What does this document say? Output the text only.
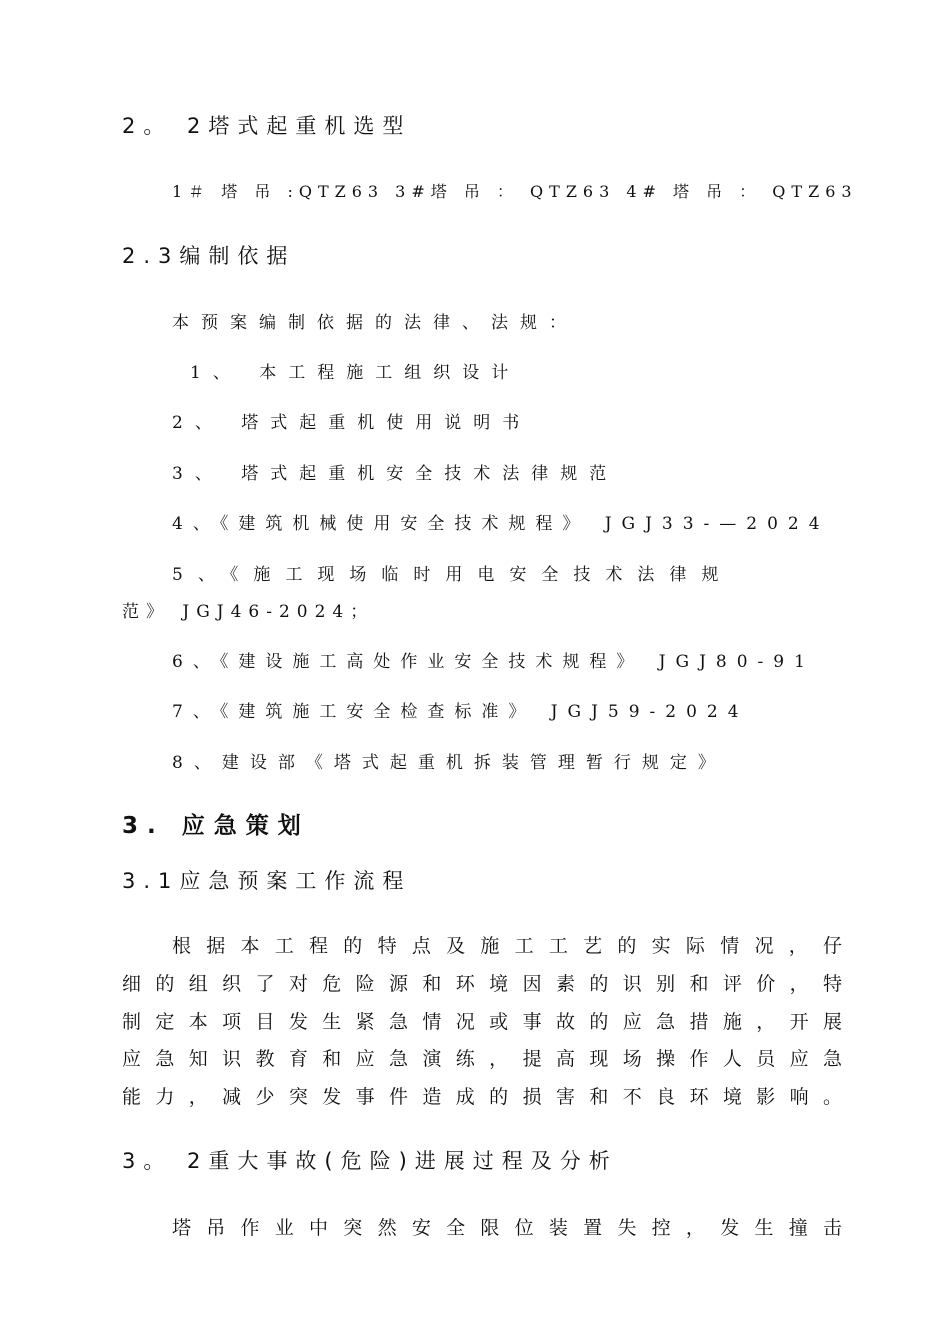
2。 2塔式起重机选型
1＃ 塔 吊 :QTZ63 3#塔 吊 ： QTZ63 4# 塔 吊 ： QTZ63
2.3编制依据
本预案编制依据的法律、法规：
1、 本工程施工组织设计
2、 塔式起重机使用说明书
3、 塔式起重机安全技术法律规范
4、《建筑机械使用安全技术规程》 JGJ33-—2024
5、《施工现场临时用电安全技术法律规
范》 JGJ46-2024；
6、《建设施工高处作业安全技术规程》 JGJ80-91
7、《建筑施工安全检查标准》 JGJ59-2024
8、建设部《塔式起重机拆装管理暂行规定》
3. 应急策划
3.1应急预案工作流程
根据本工程的特点及施工工艺的实际情况，仔
细的组织了对危险源和环境因素的识别和评价，特
制定本项目发生紧急情况或事故的应急措施，开展
应急知识教育和应急演练，提高现场操作人员应急
能力，减少突发事件造成的损害和不良环境影响。
3。 2重大事故(危险)进展过程及分析
塔吊作业中突然安全限位装置失控，发生撞击
